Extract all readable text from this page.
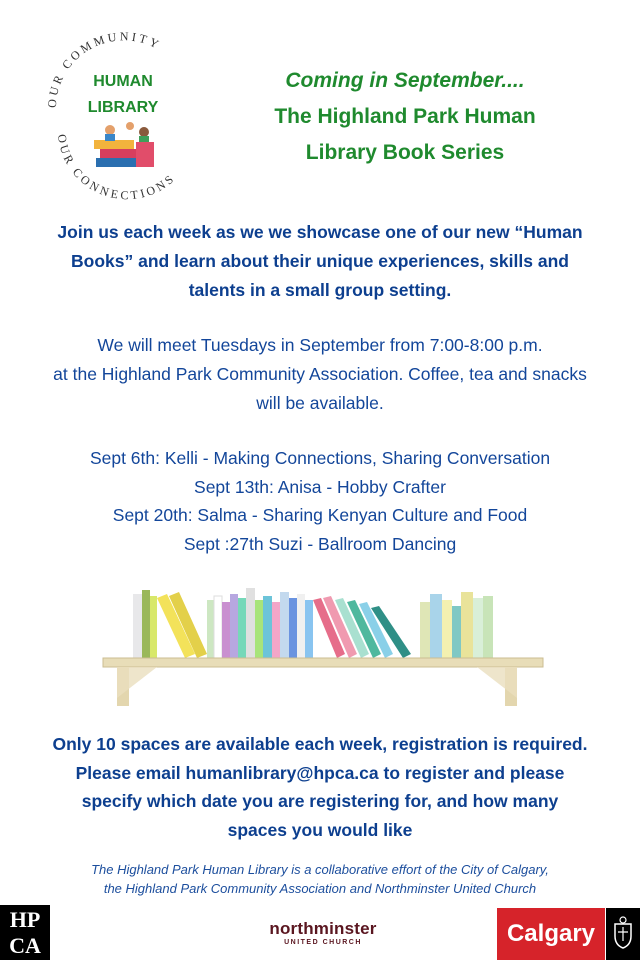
OUR COMMUNITY
OUR CONNECTIONS
HUMAN
LIBRARY
Coming in September....
The Highland Park Human
Library Book Series
Join us each week as we we showcase one of our new “Human
Books” and learn about their unique experiences, skills and
talents in a small group setting.
We will meet Tuesdays in September from 7:00-8:00 p.m.
at the Highland Park Community Association. Coffee, tea and snacks
will be available.
Sept 6th: Kelli - Making Connections, Sharing Conversation
Sept 13th: Anisa - Hobby Crafter
Sept 20th: Salma - Sharing Kenyan Culture and Food
Sept :27th Suzi - Ballroom Dancing
Only 10 spaces are available each week, registration is required.
Please email humanlibrary@hpca.ca to register and please
specify which date you are registering for, and how many
spaces you would like
The Highland Park Human Library is a collaborative effort of the City of Calgary,
the Highland Park Community Association and Northminster United Church
HP
CA
northminster
UNITED CHURCH	Calgary
